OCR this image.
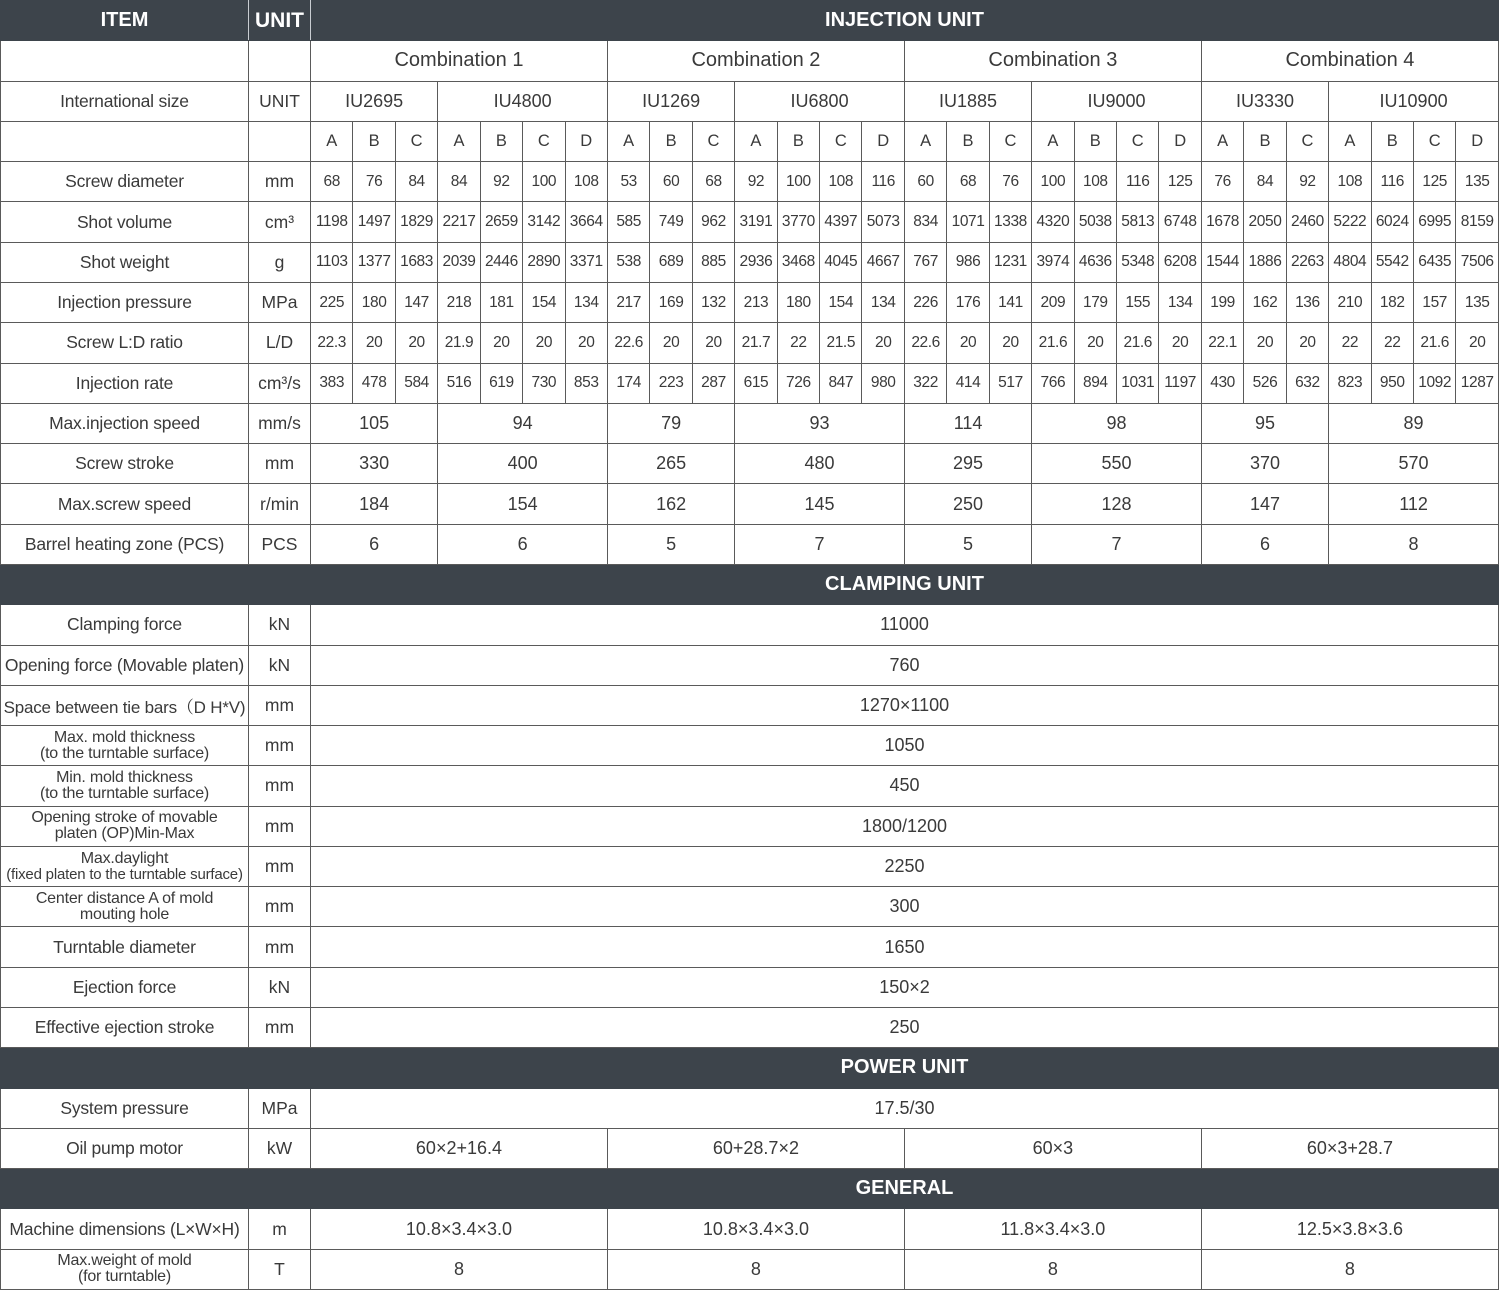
ITEM	UNIT	INJECTION UNIT																											
		Combination 1							Combination 2							Combination 3							Combination 4						

International size	UNIT	IU2695			IU4800				IU1269			IU6800				IU1885			IU9000				IU3330			IU10900			
		A	B	C	A	B	C	D	A	B	C	A	B	C	D	A	B	C	A	B	C	D	A	B	C	A	B	C	D

Screw diameter	mm	68	76	84	84	92	100	108	53	60	68	92	100	108	116	60	68	76	100	108	116	125	76	84	92	108	116	125	135

Shot volume	cm³	1198	1497	1829	2217	2659	3142	3664	585	749	962	3191	3770	4397	5073	834	1071	1338	4320	5038	5813	6748	1678	2050	2460	5222	6024	6995	8159

Shot weight	g	1103	1377	1683	2039	2446	2890	3371	538	689	885	2936	3468	4045	4667	767	986	1231	3974	4636	5348	6208	1544	1886	2263	4804	5542	6435	7506

Injection pressure	MPa	225	180	147	218	181	154	134	217	169	132	213	180	154	134	226	176	141	209	179	155	134	199	162	136	210	182	157	135

Screw L:D ratio	L/D	22.3	20	20	21.9	20	20	20	22.6	20	20	21.7	22	21.5	20	22.6	20	20	21.6	20	21.6	20	22.1	20	20	22	22	21.6	20

Injection rate	cm³/s	383	478	584	516	619	730	853	174	223	287	615	726	847	980	322	414	517	766	894	1031	1197	430	526	632	823	950	1092	1287

Max.injection speed	mm/s	105			94				79			93				114			98				95			89			

Screw stroke	mm	330			400				265			480				295			550				370			570			

Max.screw speed	r/min	184			154				162			145				250			128				147			112			

Barrel heating zone (PCS)	PCS	6			6				5			7				5			7				6			8			
		CLAMPING UNIT																											

Clamping force	kN	11000																											

Opening force (Movable platen)	kN	760																											

Space between tie bars（D H*V)	mm	1270×1100																											

Max. mold thickness
(to the turntable surface)	mm	1050																											

Min. mold thickness
(to the turntable surface)	mm	450																											

Opening stroke of movable
platen (OP)Min-Max	mm	1800/1200																											

Max.daylight
(fixed platen to the turntable surface)	mm	2250																											

Center distance A of mold
mouting hole	mm	300																											

Turntable diameter	mm	1650																											

Ejection force	kN	150×2																											

Effective ejection stroke	mm	250																											
		POWER UNIT																											

System pressure	MPa	17.5/30																											

Oil pump motor	kW	60×2+16.4							60+28.7×2							60×3							60×3+28.7						
		GENERAL																											

Machine dimensions (L×W×H)	m	10.8×3.4×3.0							10.8×3.4×3.0							11.8×3.4×3.0							12.5×3.8×3.6						

Max.weight of mold
(for turntable)	T	8							8							8							8						
